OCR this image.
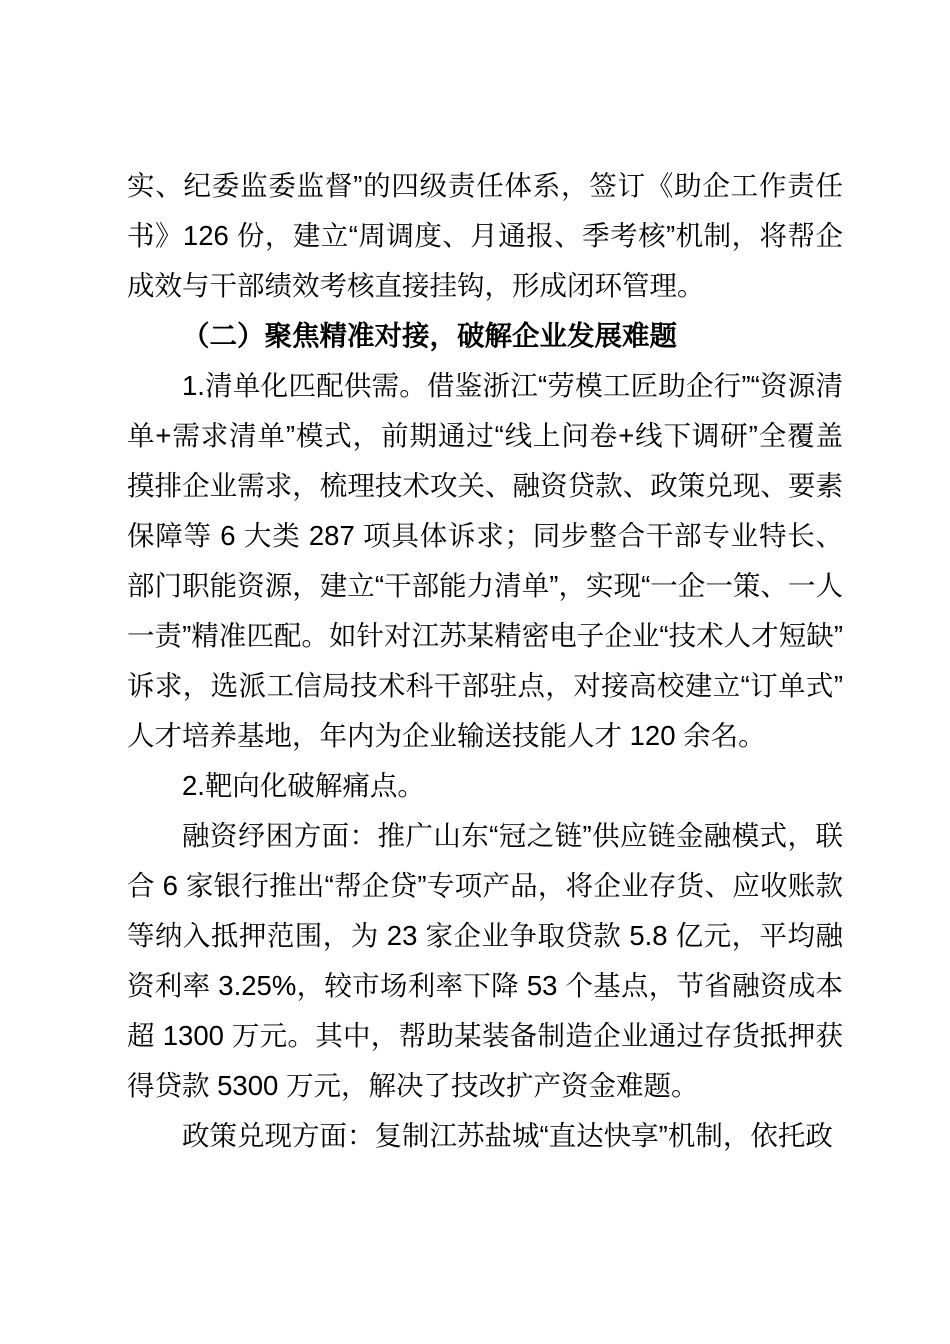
实、纪委监委监督”的四级责任体系，签订《助企工作责任书》126 份，建立“周调度、月通报、季考核”机制，将帮企成效与干部绩效考核直接挂钩，形成闭环管理。

（二）聚焦精准对接，破解企业发展难题

1.清单化匹配供需。借鉴浙江“劳模工匠助企行”“资源清单+需求清单”模式，前期通过“线上问卷+线下调研”全覆盖摸排企业需求，梳理技术攻关、融资贷款、政策兑现、要素保障等 6 大类 287 项具体诉求；同步整合干部专业特长、部门职能资源，建立“干部能力清单”，实现“一企一策、一人一责”精准匹配。如针对江苏某精密电子企业“技术人才短缺”诉求，选派工信局技术科干部驻点，对接高校建立“订单式”人才培养基地，年内为企业输送技能人才 120 余名。

2.靶向化破解痛点。

融资纾困方面：推广山东“冠之链”供应链金融模式，联合 6 家银行推出“帮企贷”专项产品，将企业存货、应收账款等纳入抵押范围，为 23 家企业争取贷款 5.8 亿元，平均融资利率 3.25%，较市场利率下降 53 个基点，节省融资成本超 1300 万元。其中，帮助某装备制造企业通过存货抵押获得贷款 5300 万元，解决了技改扩产资金难题。

政策兑现方面：复制江苏盐城“直达快享”机制，依托政
